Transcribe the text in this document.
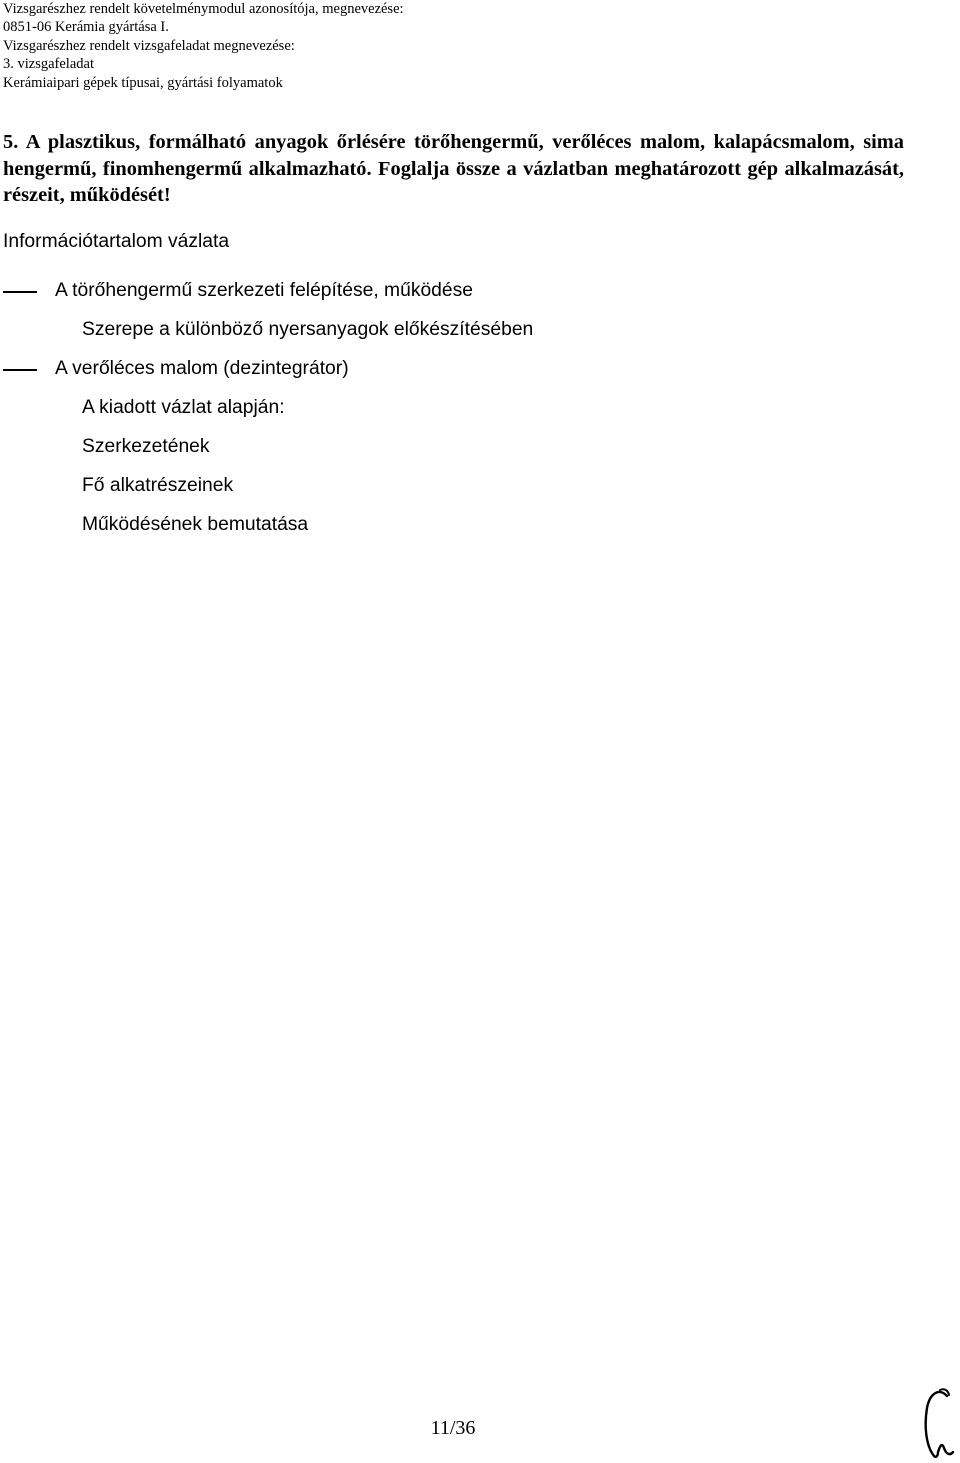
Vizsgarészhez rendelt követelménymodul azonosítója, megnevezése:
0851-06 Kerámia gyártása I.
Vizsgarészhez rendelt vizsgafeladat megnevezése:
3. vizsgafeladat
Kerámiaipari gépek típusai, gyártási folyamatok
5. A plasztikus, formálható anyagok őrlésére törőhengermű, verőléces malom, kalapácsmalom, sima hengermű, finomhengermű alkalmazható. Foglalja össze a vázlatban meghatározott gép alkalmazását, részeit, működését!
Információtartalom vázlata
A törőhengermű szerkezeti felépítése, működése
Szerepe a különböző nyersanyagok előkészítésében
A verőléces malom (dezintegrátor)
A kiadott vázlat alapján:
Szerkezetének
Fő alkatrészeinek
Működésének bemutatása
11/36
